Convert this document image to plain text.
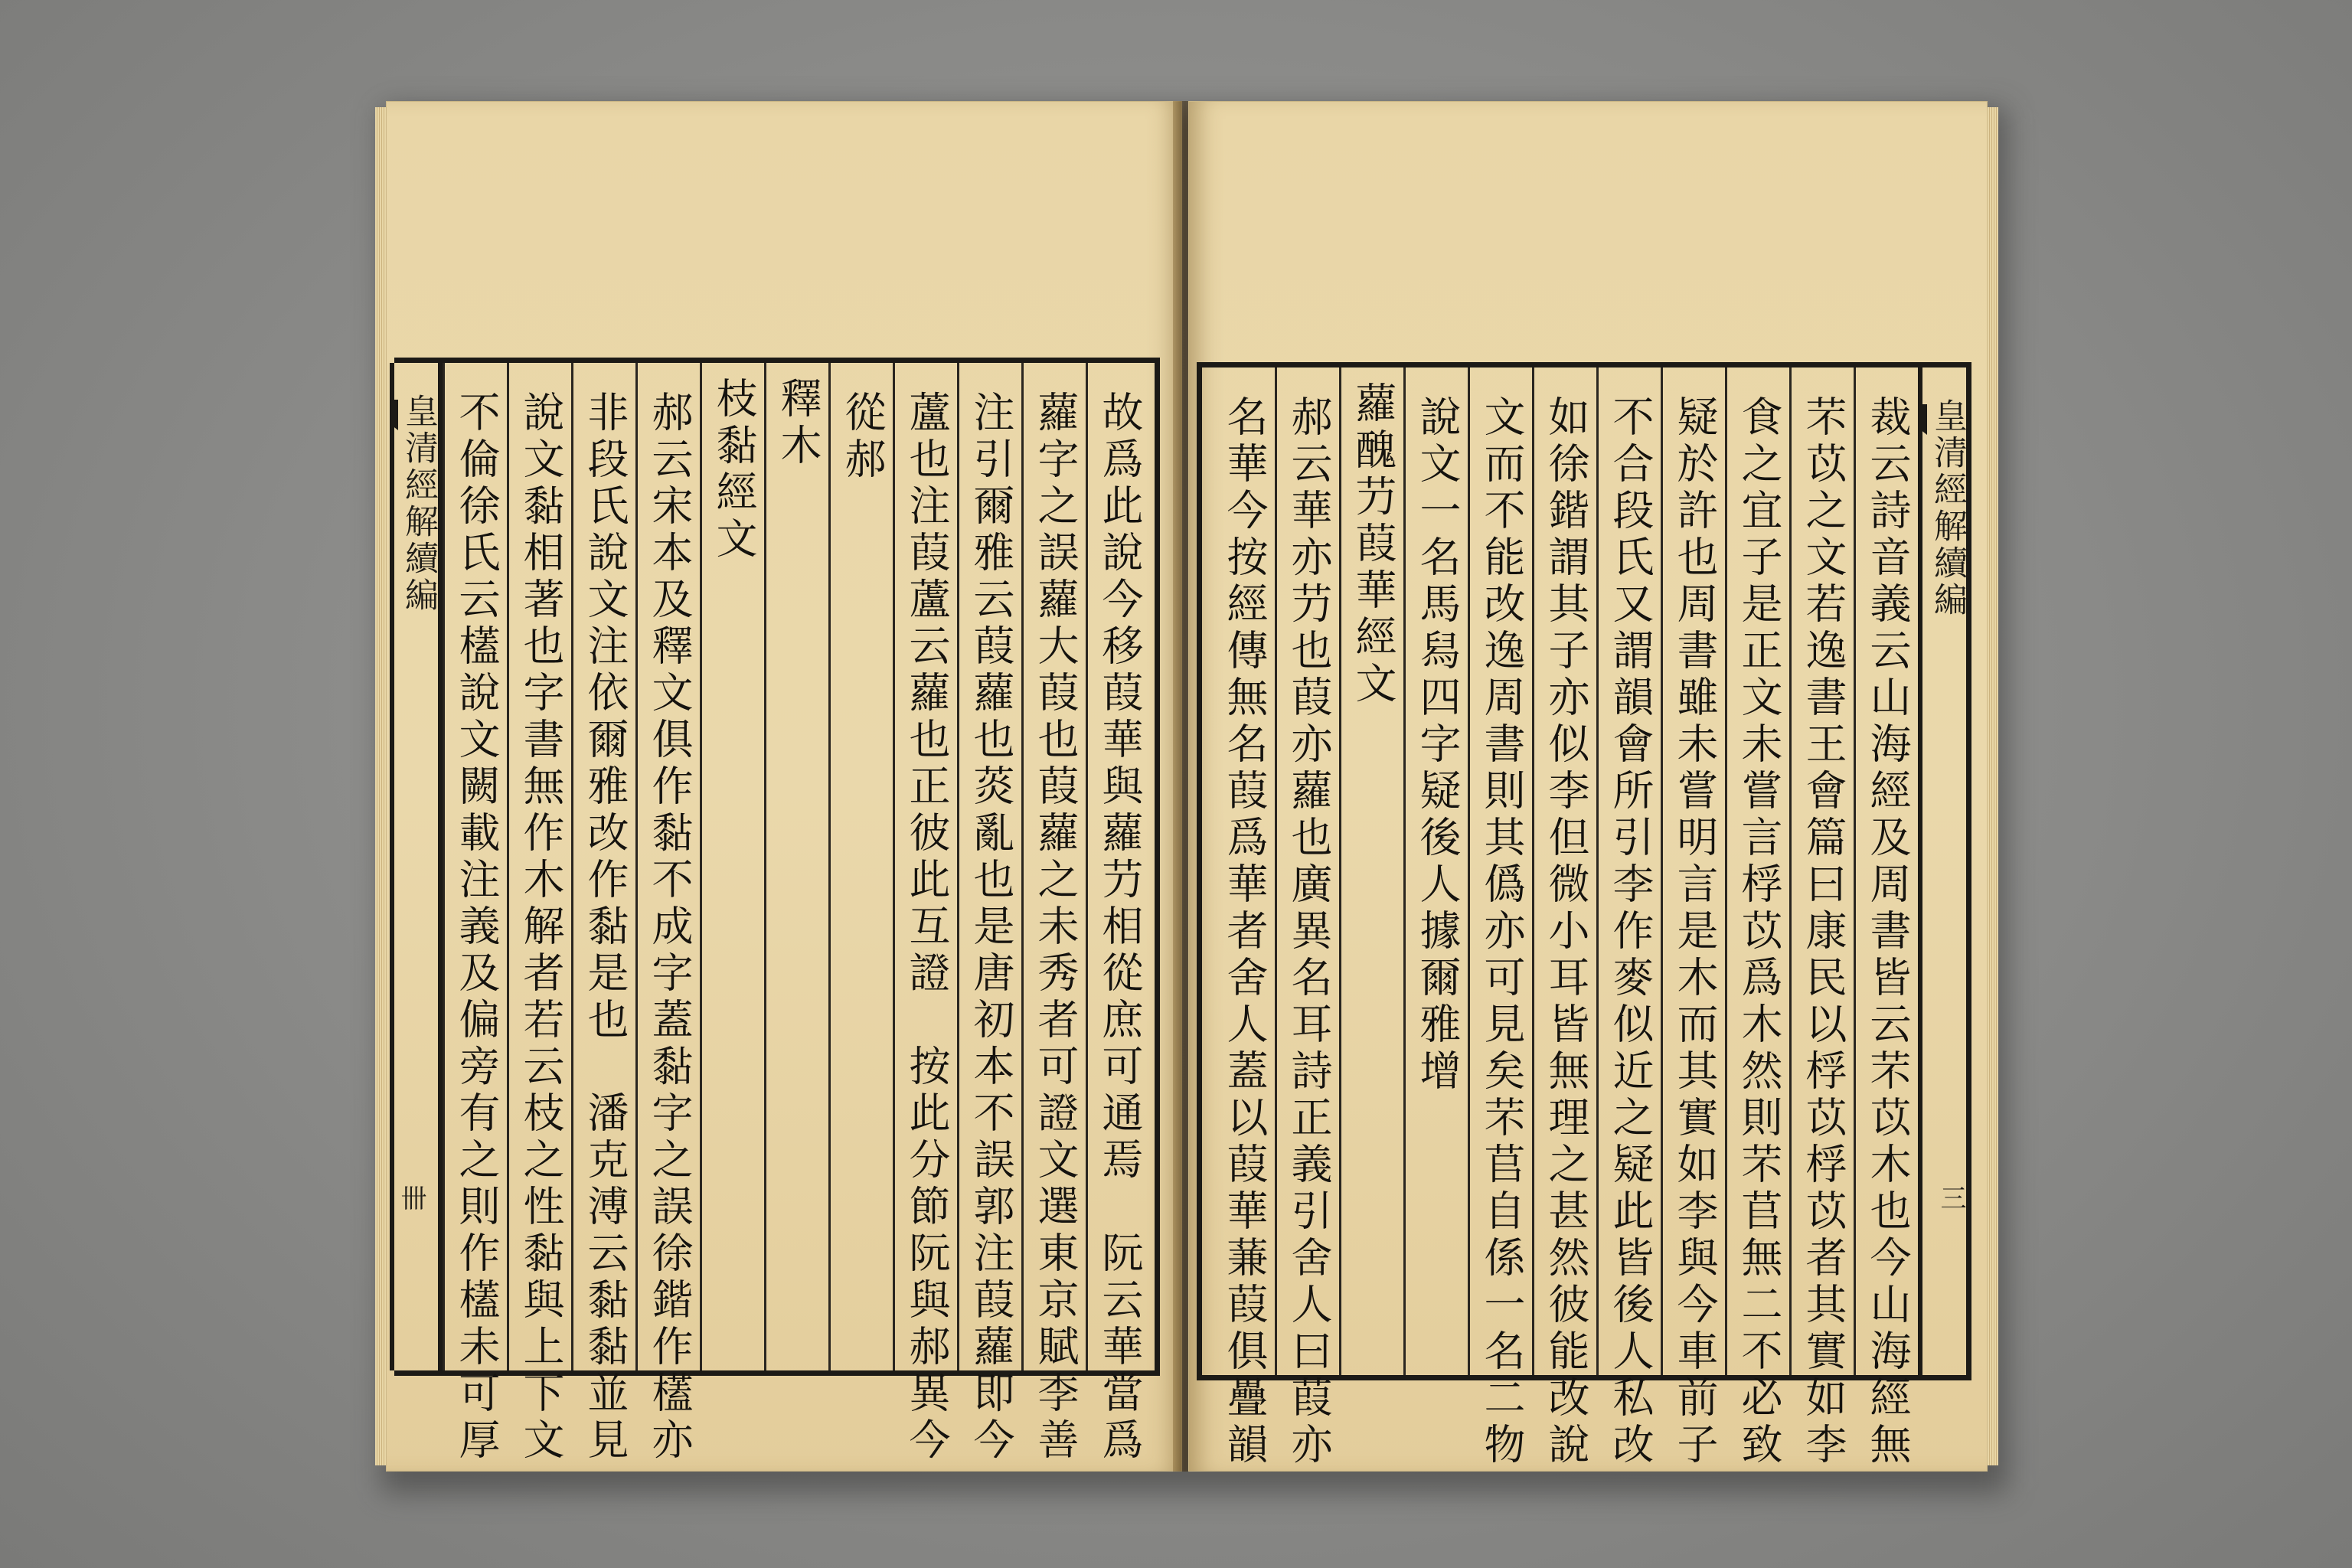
故爲此說今移葭華與蘿芀相從庶可通焉　阮云華當爲
蘿字之誤蘿大葭也葭蘿之未秀者可證文選東京賦李善
注引爾雅云葭蘿也菼亂也是唐初本不誤郭注葭蘿即今
蘆也注葭蘆云蘿也正彼此互證　按此分節阮與郝異今
從郝
釋木
枝黏經文
郝云宋本及釋文俱作黏不成字蓋黏字之誤徐鍇作㯼亦
非段氏說文注依爾雅改作黏是也　潘克溥云黏黏並見
說文黏相著也字書無作木解者若云枝之性黏與上下文
不倫徐氏云㯼說文闕載注義及偏旁有之則作㯼未可厚
皇清經解續編
卌
皇清經解續編
裁云詩音義云山海經及周書皆云芣苡木也今山海經無
芣苡之文若逸書王會篇曰康民以桴苡桴苡者其實如李
食之宜子是正文未嘗言桴苡爲木然則芣苢無二不必致
疑於許也周書雖未嘗明言是木而其實如李與今車前子
不合段氏又謂韻會所引李作麥似近之疑此皆後人私改
如徐鍇謂其子亦似李但微小耳皆無理之甚然彼能改說
文而不能改逸周書則其僞亦可見矣芣苢自係一名二物
說文一名馬舄四字疑後人據爾雅增
蘿醜芀葭華經文
郝云華亦芀也葭亦蘿也廣異名耳詩正義引舍人曰葭亦
名華今按經傳無名葭爲華者舍人蓋以葭華蒹葭俱疊韻	三
